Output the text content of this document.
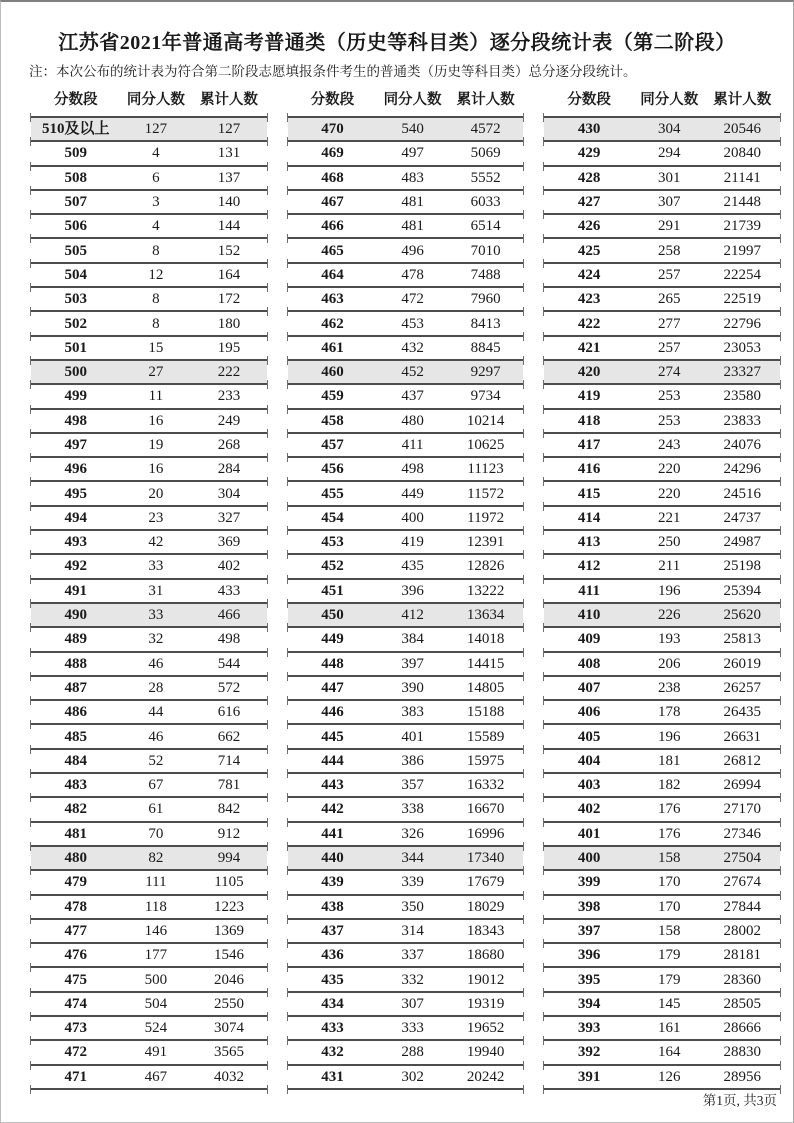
江苏省2021年普通高考普通类（历史等科目类）逐分段统计表（第二阶段）
注：本次公布的统计表为符合第二阶段志愿填报条件考生的普通类（历史等科目类）总分逐分段统计。
分数段	同分人数	累计人数
510及以上	127	127
509	4	131
508	6	137
507	3	140
506	4	144
505	8	152
504	12	164
503	8	172
502	8	180
501	15	195
500	27	222
499	11	233
498	16	249
497	19	268
496	16	284
495	20	304
494	23	327
493	42	369
492	33	402
491	31	433
490	33	466
489	32	498
488	46	544
487	28	572
486	44	616
485	46	662
484	52	714
483	67	781
482	61	842
481	70	912
480	82	994
479	111	1105
478	118	1223
477	146	1369
476	177	1546
475	500	2046
474	504	2550
473	524	3074
472	491	3565
471	467	4032
分数段	同分人数	累计人数
470	540	4572
469	497	5069
468	483	5552
467	481	6033
466	481	6514
465	496	7010
464	478	7488
463	472	7960
462	453	8413
461	432	8845
460	452	9297
459	437	9734
458	480	10214
457	411	10625
456	498	11123
455	449	11572
454	400	11972
453	419	12391
452	435	12826
451	396	13222
450	412	13634
449	384	14018
448	397	14415
447	390	14805
446	383	15188
445	401	15589
444	386	15975
443	357	16332
442	338	16670
441	326	16996
440	344	17340
439	339	17679
438	350	18029
437	314	18343
436	337	18680
435	332	19012
434	307	19319
433	333	19652
432	288	19940
431	302	20242
分数段	同分人数	累计人数
430	304	20546
429	294	20840
428	301	21141
427	307	21448
426	291	21739
425	258	21997
424	257	22254
423	265	22519
422	277	22796
421	257	23053
420	274	23327
419	253	23580
418	253	23833
417	243	24076
416	220	24296
415	220	24516
414	221	24737
413	250	24987
412	211	25198
411	196	25394
410	226	25620
409	193	25813
408	206	26019
407	238	26257
406	178	26435
405	196	26631
404	181	26812
403	182	26994
402	176	27170
401	176	27346
400	158	27504
399	170	27674
398	170	27844
397	158	28002
396	179	28181
395	179	28360
394	145	28505
393	161	28666
392	164	28830
391	126	28956
第1页, 共3页
